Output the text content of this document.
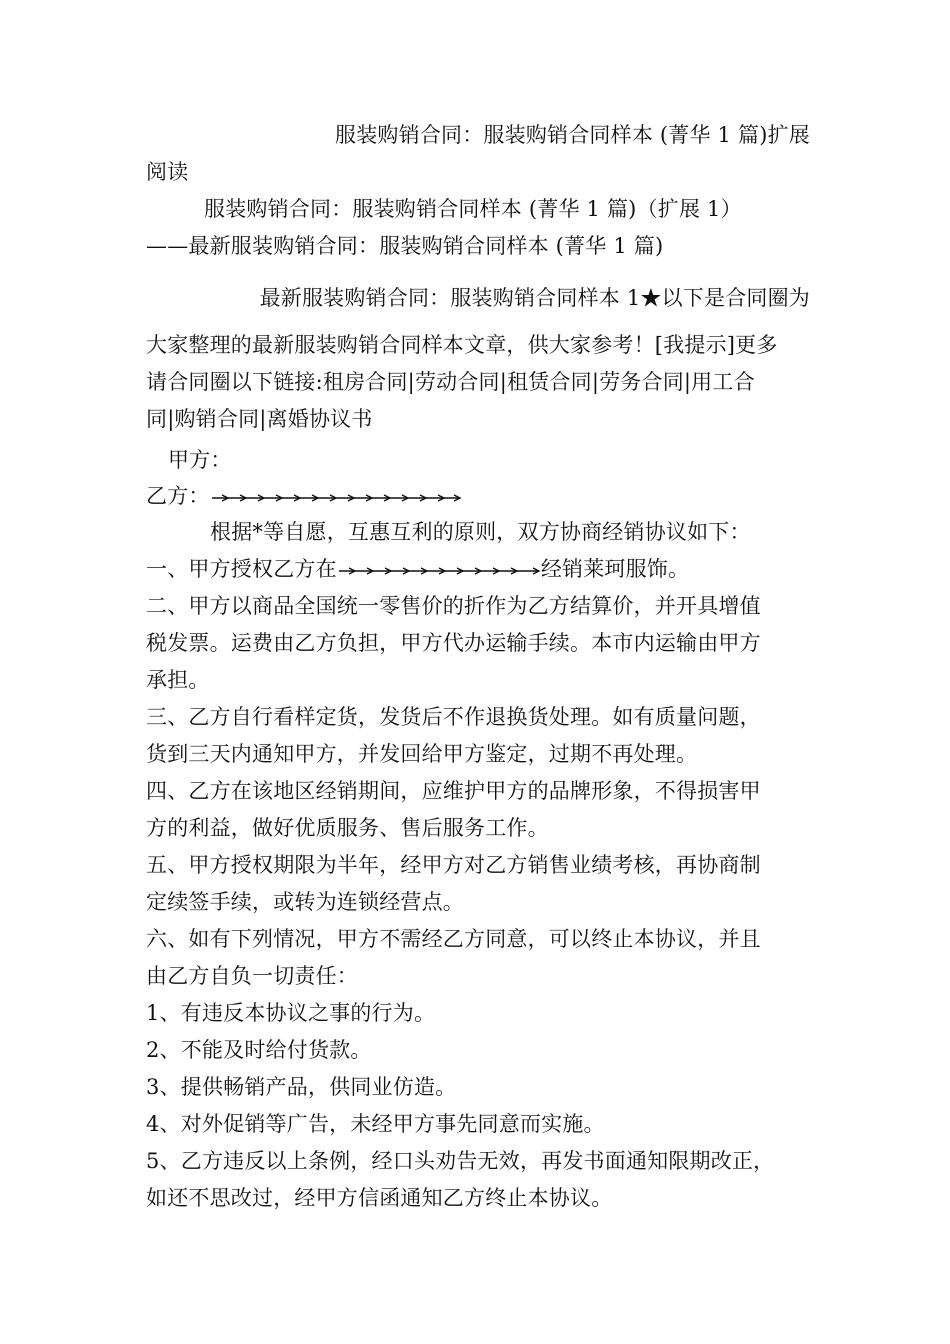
服装购销合同：服装购销合同样本 (菁华 1 篇)扩展
阅读
服装购销合同：服装购销合同样本 (菁华 1 篇)（扩展 1）
——最新服装购销合同：服装购销合同样本 (菁华 1 篇)
最新服装购销合同：服装购销合同样本 1★以下是合同圈为
大家整理的最新服装购销合同样本文章，供大家参考！[我提示]更多
请合同圈以下链接:租房合同|劳动合同|租赁合同|劳务合同|用工合
同|购销合同|离婚协议书
甲方：
乙方：
根据*等自愿，互惠互利的原则，双方协商经销协议如下：
一、甲方授权乙方在	经销莱珂服饰。
二、甲方以商品全国统一零售价的折作为乙方结算价，并开具增值
税发票。运费由乙方负担，甲方代办运输手续。本市内运输由甲方
承担。
三、乙方自行看样定货，发货后不作退换货处理。如有质量问题，
货到三天内通知甲方，并发回给甲方鉴定，过期不再处理。
四、乙方在该地区经销期间，应维护甲方的品牌形象，不得损害甲
方的利益，做好优质服务、售后服务工作。
五、甲方授权期限为半年，经甲方对乙方销售业绩考核，再协商制
定续签手续，或转为连锁经营点。
六、如有下列情况，甲方不需经乙方同意，可以终止本协议，并且
由乙方自负一切责任：
1、有违反本协议之事的行为。
2、不能及时给付货款。
3、提供畅销产品，供同业仿造。
4、对外促销等广告，未经甲方事先同意而实施。
5、乙方违反以上条例，经口头劝告无效，再发书面通知限期改正，
如还不思改过，经甲方信函通知乙方终止本协议。
